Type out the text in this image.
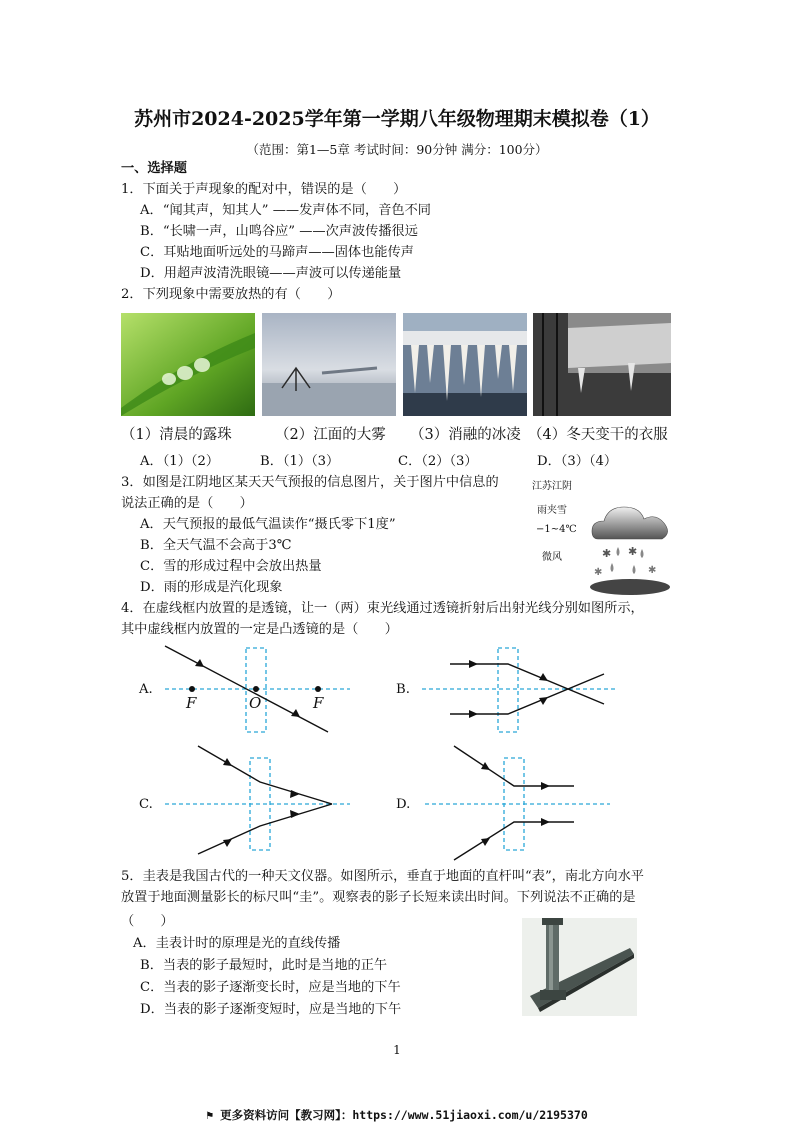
苏州市2024-2025学年第一学期八年级物理期末模拟卷（1）
（范围：第1—5章 考试时间：90分钟 满分：100分）
一、选择题
1．下面关于声现象的配对中，错误的是（　　）
A．“闻其声，知其人” ——发声体不同，音色不同
B．“长啸一声，山鸣谷应” ——次声波传播很远
C．耳贴地面听远处的马蹄声——固体也能传声
D．用超声波清洗眼镜——声波可以传递能量
2．下列现象中需要放热的有（　　）
（1）清晨的露珠	（2）江面的大雾 （3）消融的冰凌 （4）冬天变干的衣服
A．（1）（2）	B．（1）（3）	C．（2）（3）	D．（3）（4）
3．如图是江阴地区某天天气预报的信息图片，关于图片中信息的
说法正确的是（　　）
A．天气预报的最低气温读作“摄氏零下1度”
B．全天气温不会高于3℃
C．雪的形成过程中会放出热量
D．雨的形成是汽化现象
江苏江阴
雨夹雪
−1~4℃
微风	✱ ✱
✱	✱
4．在虚线框内放置的是透镜，让一（两）束光线通过透镜折射后出射光线分别如图所示，
其中虚线框内放置的一定是凸透镜的是（　　）
A.
F	O	F
B.
C.	D.
5．圭表是我国古代的一种天文仪器。如图所示，垂直于地面的直杆叫“表”，南北方向水平
放置于地面测量影长的标尺叫“圭”。观察表的影子长短来读出时间。下列说法不正确的是
（　　）
A．圭表计时的原理是光的直线传播
B．当表的影子最短时，此时是当地的正午
C．当表的影子逐渐变长时，应是当地的下午
D．当表的影子逐渐变短时，应是当地的下午
1
⚑ 更多资料访问【教习网】：https://www.51jiaoxi.com/u/2195370
